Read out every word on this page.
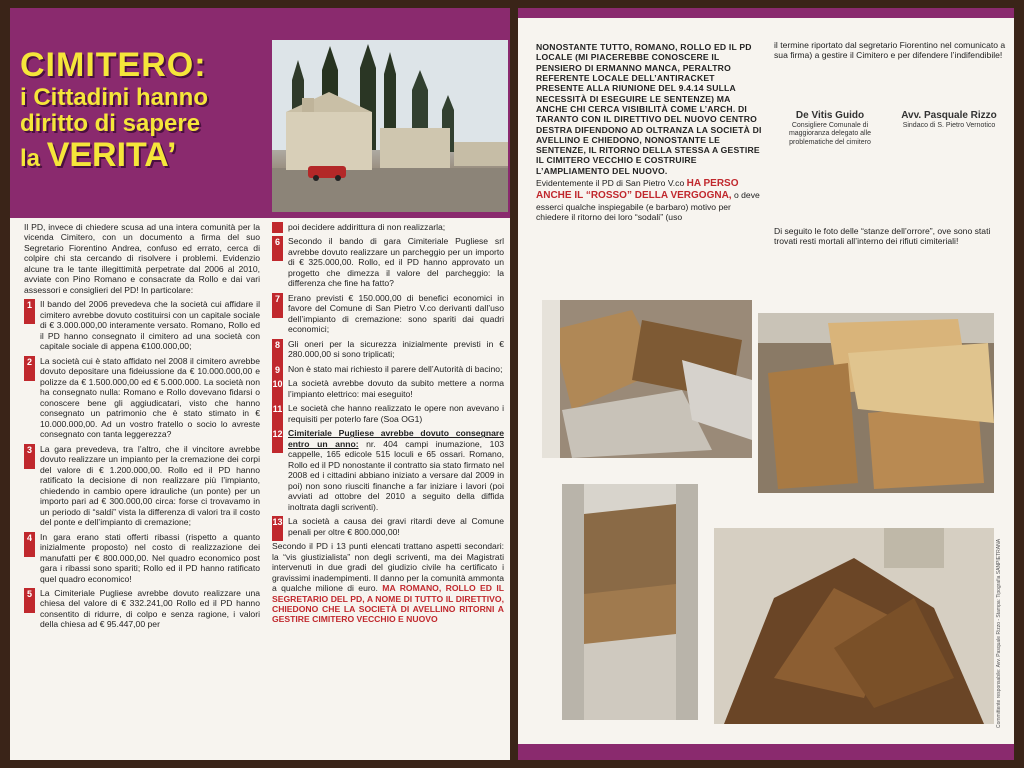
CIMITERO:
i Cittadini hanno
diritto di sapere
la VERITA’

Il PD, invece di chiedere scusa ad una intera comunità per la vicenda Cimitero, con un documento a firma del suo Segretario Fiorentino Andrea, confuso ed errato, cerca di colpire chi sta cercando di risolvere i problemi. Evidenzio alcune tra le tante illegittimità perpetrate dal 2006 al 2010, avviate con Pino Romano e consacrate da Rollo e dai vari assessori e consiglieri del PD! In particolare:

1 Il bando del 2006 prevedeva che la società cui affidare il cimitero avrebbe dovuto costituirsi con un capitale sociale di € 3.000.000,00 interamente versato. Romano, Rollo ed il PD hanno consegnato il cimitero ad una società con capitale sociale di appena €100.000,00;
2 La società cui è stato affidato nel 2008 il cimitero avrebbe dovuto depositare una fideiussione da € 10.000.000,00 e polizze da € 1.500.000,00 ed € 5.000.000. La società non ha consegnato nulla: Romano e Rollo dovevano fidarsi o conoscere bene gli aggiudicatari, visto che hanno consegnato un patrimonio che è stato stimato in € 10.000.000,00. Ad un vostro fratello o socio lo avreste consegnato con tanta leggerezza?
3 La gara prevedeva, tra l’altro, che il vincitore avrebbe dovuto realizzare un impianto per la cremazione dei corpi del valore di € 1.200.000,00. Rollo ed il PD hanno ratificato la decisione di non realizzare più l’impianto, chiedendo in cambio opere idrauliche (un ponte) per un importo pari ad € 300.000,00 circa: forse ci trovavamo in un periodo di “saldi” vista la differenza di valori tra il costo del ponte e dell’impianto di cremazione;
4 In gara erano stati offerti ribassi (rispetto a quanto inizialmente proposto) nel costo di realizzazione dei manufatti per € 800.000,00. Nel quadro economico post gara i ribassi sono spariti; Rollo ed il PD hanno ratificato quel quadro economico!
5 La Cimiteriale Pugliese avrebbe dovuto realizzare una chiesa del valore di € 332.241,00 Rollo ed il PD hanno consentito di ridurre, di colpo e senza ragione, i valori della chiesa ad € 95.447,00 per
poi decidere addirittura di non realizzarla;
6 Secondo il bando di gara Cimiteriale Pugliese srl avrebbe dovuto realizzare un parcheggio per un importo di € 325.000,00. Rollo, ed il PD hanno approvato un progetto che dimezza il valore del parcheggio: la differenza che fine ha fatto?
7 Erano previsti € 150.000,00 di benefici economici in favore del Comune di San Pietro V.co derivanti dall’uso dell’impianto di cremazione: sono spariti dai quadri economici;
8 Gli oneri per la sicurezza inizialmente previsti in € 280.000,00 si sono triplicati;
9 Non è stato mai richiesto il parere dell’Autorità di bacino;
10 La società avrebbe dovuto da subito mettere a norma l’impianto elettrico: mai eseguito!
11 Le società che hanno realizzato le opere non avevano i requisiti per poterlo fare (Soa OG1)
12 Cimiteriale Pugliese avrebbe dovuto consegnare entro un anno: nr. 404 campi inumazione, 103 cappelle, 165 edicole 515 loculi e 65 ossari. Romano, Rollo ed il PD nonostante il contratto sia stato firmato nel 2008 ed i cittadini abbiano iniziato a versare dal 2009 in poi) non sono riusciti finanche a far iniziare i lavori (poi avviati ad ottobre del 2010 a seguito della diffida inoltrata dagli scriventi).
13 La società a causa dei gravi ritardi deve al Comune penali per oltre € 800.000,00!

Secondo il PD i 13 punti elencati trattano aspetti secondari: la “vis giustizialista” non degli scriventi, ma dei Magistrati intervenuti in due gradi del giudizio civile ha certificato i gravissimi inadempimenti. Il danno per la comunità ammonta a qualche milione di euro. MA ROMANO, ROLLO ED IL SEGRETARIO DEL PD, A NOME DI TUTTO IL DIRETTIVO, CHIEDONO CHE LA SOCIETÀ DI AVELLINO RITORNI A GESTIRE CIMITERO VECCHIO E NUOVO

NONOSTANTE TUTTO, ROMANO, ROLLO ED IL PD LOCALE (MI PIACEREBBE CONOSCERE IL PENSIERO DI ERMANNO MANCA, PERALTRO REFERENTE LOCALE DELL’ANTIRACKET PRESENTE ALLA RIUNIONE DEL 9.4.14 SULLA NECESSITÀ DI ESEGUIRE LE SENTENZE) MA ANCHE CHI CERCA VISIBILITÀ COME L’ARCH. DI TARANTO CON IL DIRETTIVO DEL NUOVO CENTRO DESTRA DIFENDONO AD OLTRANZA LA SOCIETÀ DI AVELLINO E CHIEDONO, NONOSTANTE LE SENTENZE, IL RITORNO DELLA STESSA A GESTIRE IL CIMITERO VECCHIO E COSTRUIRE L’AMPLIAMENTO DEL NUOVO.

Evidentemente il PD di San Pietro V.co HA PERSO ANCHE IL “ROSSO” DELLA VERGOGNA, o deve esserci qualche inspiegabile (e barbaro) motivo per chiedere il ritorno dei loro “sodali” (uso

il termine riportato dal segretario Fiorentino nel comunicato a sua firma) a gestire il Cimitero e per difendere l’indifendibile!

De Vitis Guido
Consigliere Comunale di maggioranza delegato alle problematiche del cimitero
Avv. Pasquale Rizzo
Sindaco di S. Pietro Vernotico

Di seguito le foto delle “stanze dell’orrore”, ove sono stati trovati resti mortali all’interno dei rifiuti cimiteriali!

Committente responsabile: Avv. Pasquale Rizzo - Stampa: Tipografia SANPIETRANA
